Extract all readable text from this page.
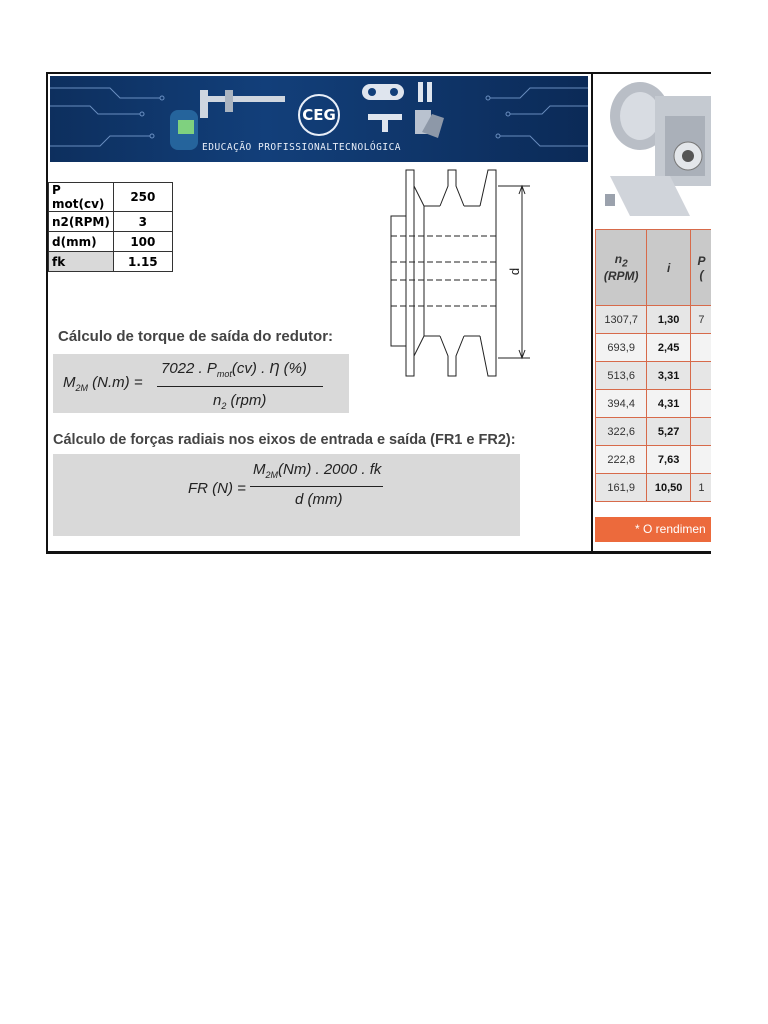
CEG
EDUCAÇÃO PROFISSIONALTECNOLÓGICA
P mot(cv)	250
n2(RPM)	3
d(mm)	100
fk	1.15
d
Cálculo de torque de saída do redutor:
$M_{2M}$ (N.m) =
7022 . $P_{mot}(cv)$ . Ƞ (%)
$n_2$ (rpm)
Cálculo de forças radiais nos eixos de entrada e saída (FR1 e FR2):
FR (N) =
$M_{2M}(Nm)$ . 2000 . fk
d (mm)
$n_2$
(RPM)	i	P
(
1307,7	1,30	7
693,9	2,45	
513,6	3,31	
394,4	4,31	
322,6	5,27	
222,8	7,63	
161,9	10,50	1
* O rendimen
